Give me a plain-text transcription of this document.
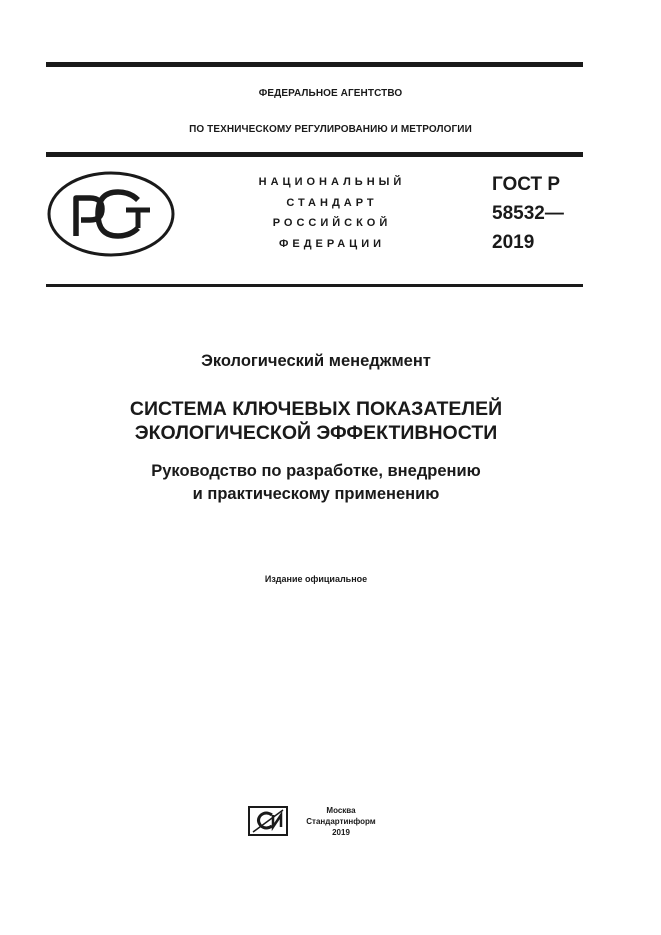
ФЕДЕРАЛЬНОЕ АГЕНТСТВО
ПО ТЕХНИЧЕСКОМУ РЕГУЛИРОВАНИЮ И МЕТРОЛОГИИ
НАЦИОНАЛЬНЫЙ
СТАНДАРТ
РОССИЙСКОЙ
ФЕДЕРАЦИИ
ГОСТ Р
58532—
2019
Экологический менеджмент
СИСТЕМА КЛЮЧЕВЫХ ПОКАЗАТЕЛЕЙ
ЭКОЛОГИЧЕСКОЙ ЭФФЕКТИВНОСТИ
Руководство по разработке, внедрению
и практическому применению
Издание официальное
Москва
Стандартинформ
2019
